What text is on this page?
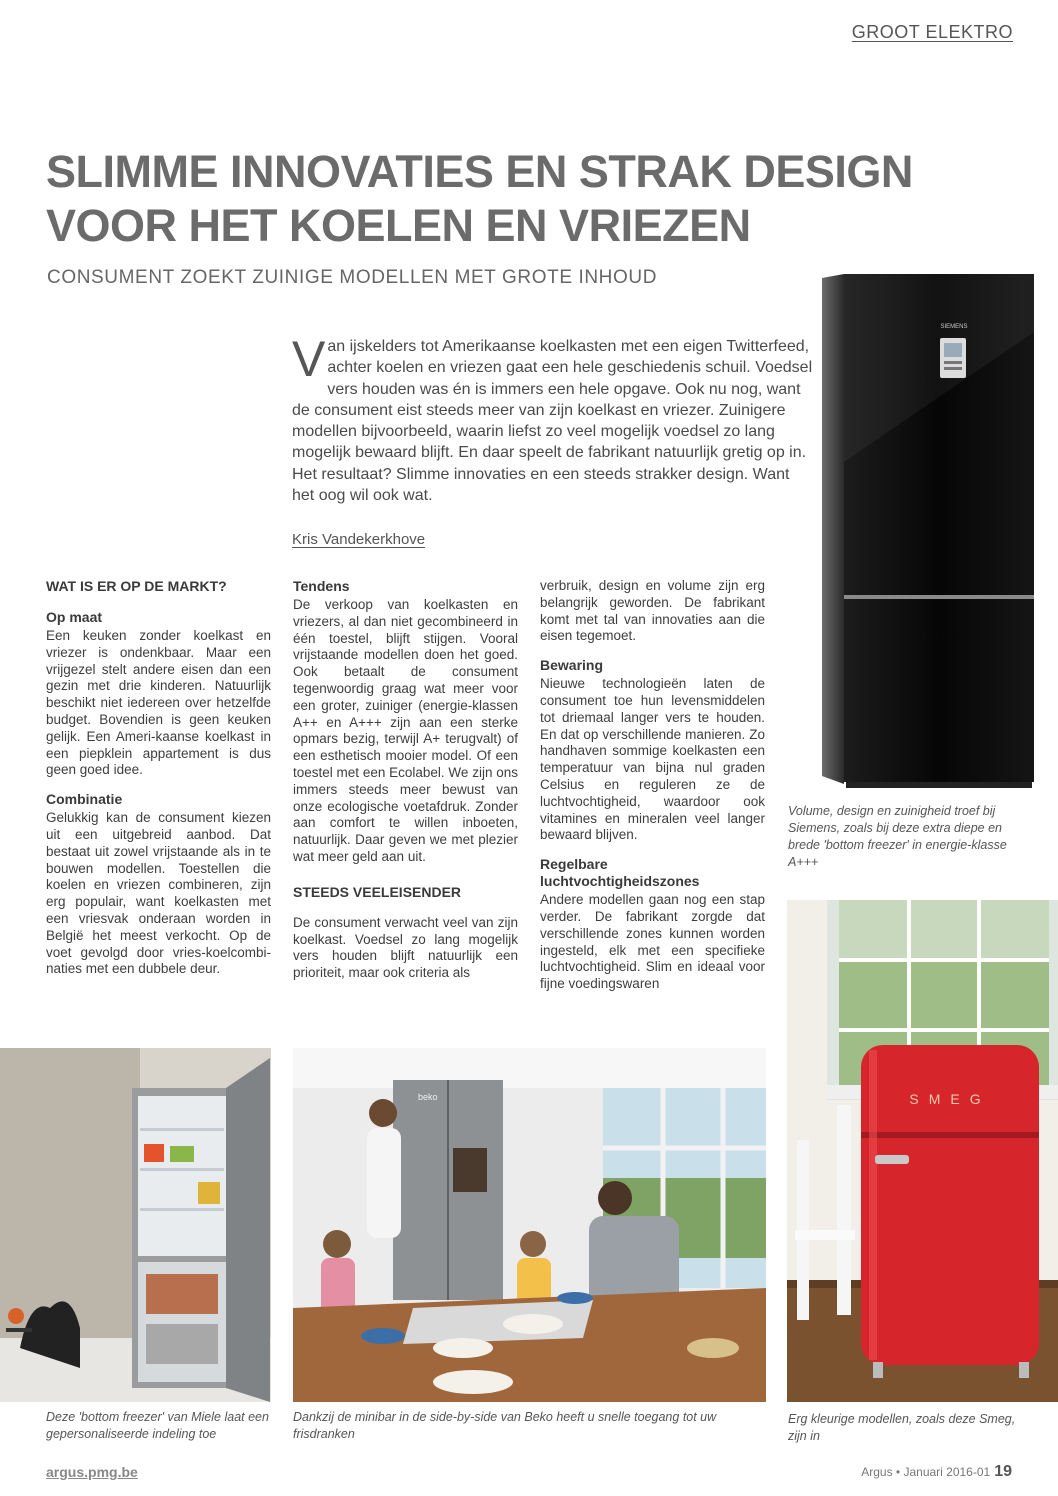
GROOT ELEKTRO
SLIMME INNOVATIES EN STRAK DESIGN
VOOR HET KOELEN EN VRIEZEN
CONSUMENT ZOEKT ZUINIGE MODELLEN MET GROTE INHOUD
Van ijskelders tot Amerikaanse koelkasten met een eigen Twitterfeed, achter koelen en vriezen gaat een hele geschiedenis schuil. Voedsel vers houden was én is immers een hele opgave. Ook nu nog, want de consument eist steeds meer van zijn koelkast en vriezer. Zuinigere modellen bijvoorbeeld, waarin liefst zo veel mogelijk voedsel zo lang mogelijk bewaard blijft. En daar speelt de fabrikant natuurlijk gretig op in. Het resultaat? Slimme innovaties en een steeds strakker design. Want het oog wil ook wat.
Kris Vandekerkhove
SIEMENS
Volume, design en zuinigheid troef bij Siemens, zoals bij deze extra diepe en brede 'bottom freezer' in energie-klasse A+++
SMEG
Erg kleurige modellen, zoals deze Smeg, zijn in
WAT IS ER OP DE MARKT?
Op maat

Een keuken zonder koelkast en vriezer is ondenkbaar. Maar een vrijgezel stelt andere eisen dan een gezin met drie kinderen. Natuurlijk beschikt niet iedereen over hetzelfde budget. Bovendien is geen keuken gelijk. Een Ameri-kaanse koelkast in een piepklein appartement is dus geen goed idee.

Combinatie

Gelukkig kan de consument kiezen uit een uitgebreid aanbod. Dat bestaat uit zowel vrijstaande als in te bouwen modellen. Toestellen die koelen en vriezen combineren, zijn erg populair, want koelkasten met een vriesvak onderaan worden in België het meest verkocht. Op de voet gevolgd door vries-koelcombi-naties met een dubbele deur.

Tendens

De verkoop van koelkasten en vriezers, al dan niet gecombineerd in één toestel, blijft stijgen. Vooral vrijstaande modellen doen het goed. Ook betaalt de consument tegenwoordig graag wat meer voor een groter, zuiniger (energie-klassen A++ en A+++ zijn aan een sterke opmars bezig, terwijl A+ terugvalt) of een esthetisch mooier model. Of een toestel met een Ecolabel. We zijn ons immers steeds meer bewust van onze ecologische voetafdruk. Zonder aan comfort te willen inboeten, natuurlijk. Daar geven we met plezier wat meer geld aan uit.

STEEDS VEELEISENDER

De consument verwacht veel van zijn koelkast. Voedsel zo lang mogelijk vers houden blijft natuurlijk een prioriteit, maar ook criteria als

verbruik, design en volume zijn erg belangrijk geworden. De fabrikant komt met tal van innovaties aan die eisen tegemoet.

Bewaring

Nieuwe technologieën laten de consument toe hun levensmiddelen tot driemaal langer vers te houden. En dat op verschillende manieren. Zo handhaven sommige koelkasten een temperatuur van bijna nul graden Celsius en reguleren ze de luchtvochtigheid, waardoor ook vitamines en mineralen veel langer bewaard blijven.

Regelbare luchtvochtigheidszones

Andere modellen gaan nog een stap verder. De fabrikant zorgde dat verschillende zones kunnen worden ingesteld, elk met een specifieke luchtvochtigheid. Slim en ideaal voor fijne voedingswaren

Deze 'bottom freezer' van Miele laat een gepersonaliseerde indeling toe
beko
Dankzij de minibar in de side-by-side van Beko heeft u snelle toegang tot uw frisdranken
argus.pmg.be	Argus • Januari 2016-01 19
